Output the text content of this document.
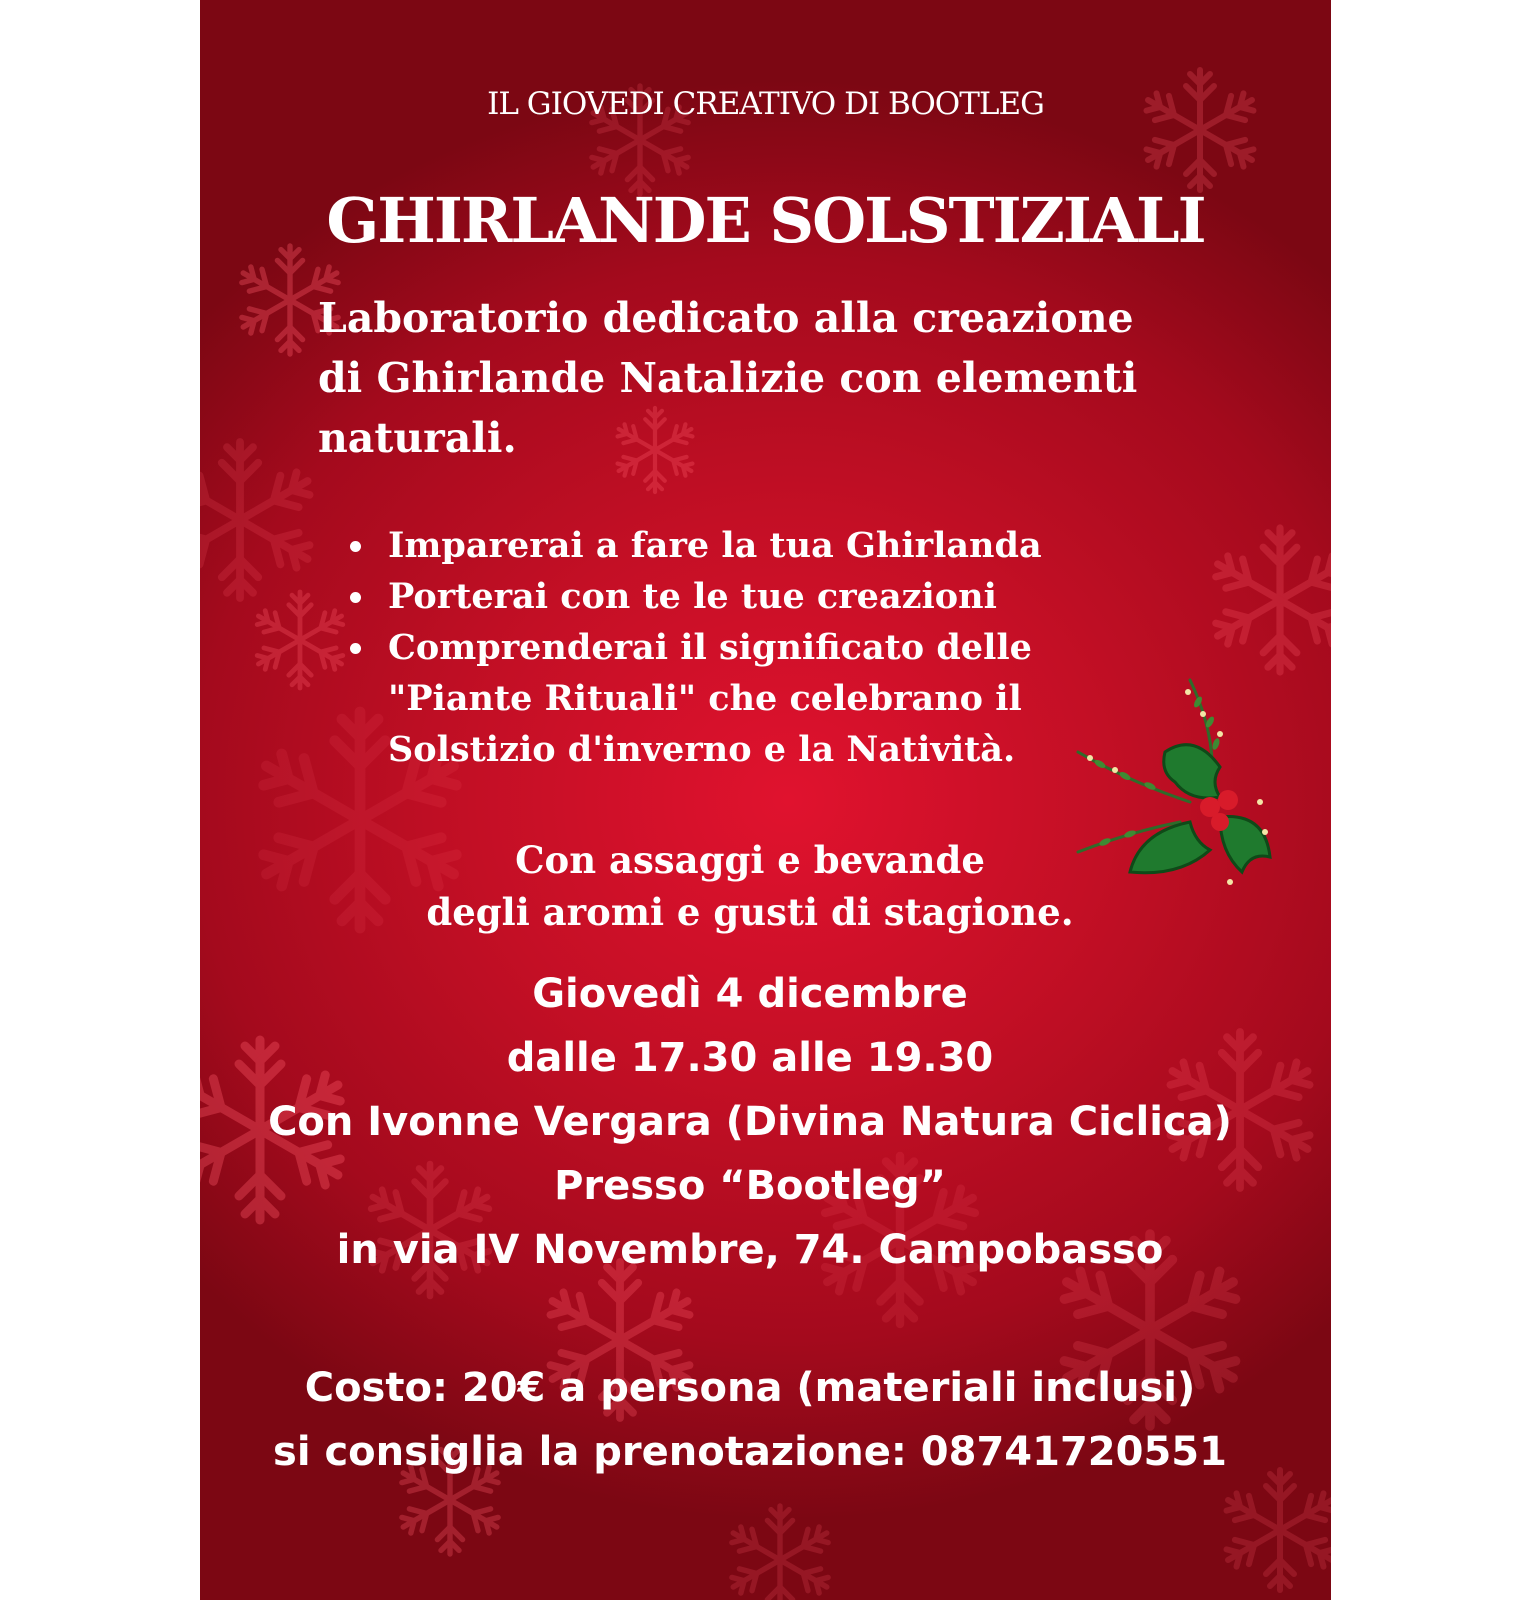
IL GIOVEDI CREATIVO DI BOOTLEG

GHIRLANDE SOLSTIZIALI
Laboratorio dedicato alla creazione
di Ghirlande Natalizie con elementi
naturali.
Imparerai a fare la tua Ghirlanda
Porterai con te le tue creazioni
Comprenderai il significato delle "Piante Rituali" che celebrano il Solstizio d'inverno e la Natività.
Con assaggi e bevande
degli aromi e gusti di stagione.
Giovedì 4 dicembre
dalle 17.30 alle 19.30
Con Ivonne Vergara (Divina Natura Ciclica)
Presso “Bootleg”
in via IV Novembre, 74. Campobasso
Costo: 20€ a persona (materiali inclusi)
si consiglia la prenotazione: 08741720551
